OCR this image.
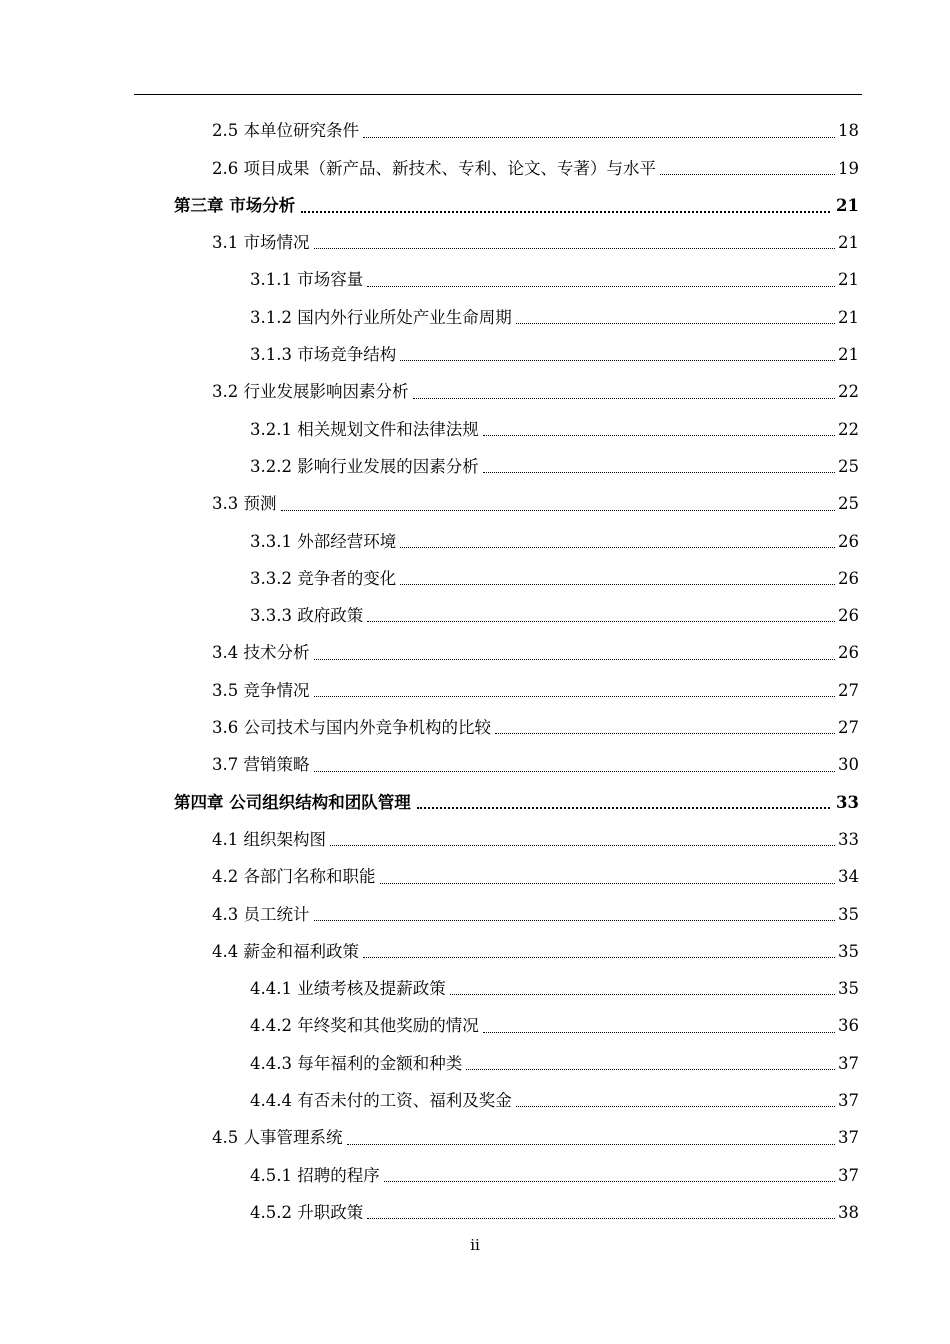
2.5 本单位研究条件	18
2.6 项目成果（新产品、新技术、专利、论文、专著）与水平	19
第三章 市场分析	21
3.1 市场情况	21
3.1.1 市场容量	21
3.1.2 国内外行业所处产业生命周期	21
3.1.3 市场竞争结构	21
3.2 行业发展影响因素分析	22
3.2.1 相关规划文件和法律法规	22
3.2.2 影响行业发展的因素分析	25
3.3 预测	25
3.3.1 外部经营环境	26
3.3.2 竞争者的变化	26
3.3.3 政府政策	26
3.4 技术分析	26
3.5 竞争情况	27
3.6 公司技术与国内外竞争机构的比较	27
3.7 营销策略	30
第四章 公司组织结构和团队管理	33
4.1 组织架构图	33
4.2 各部门名称和职能	34
4.3 员工统计	35
4.4 薪金和福利政策	35
4.4.1 业绩考核及提薪政策	35
4.4.2 年终奖和其他奖励的情况	36
4.4.3 每年福利的金额和种类	37
4.4.4 有否未付的工资、福利及奖金	37
4.5 人事管理系统	37
4.5.1 招聘的程序	37
4.5.2 升职政策	38
ii
